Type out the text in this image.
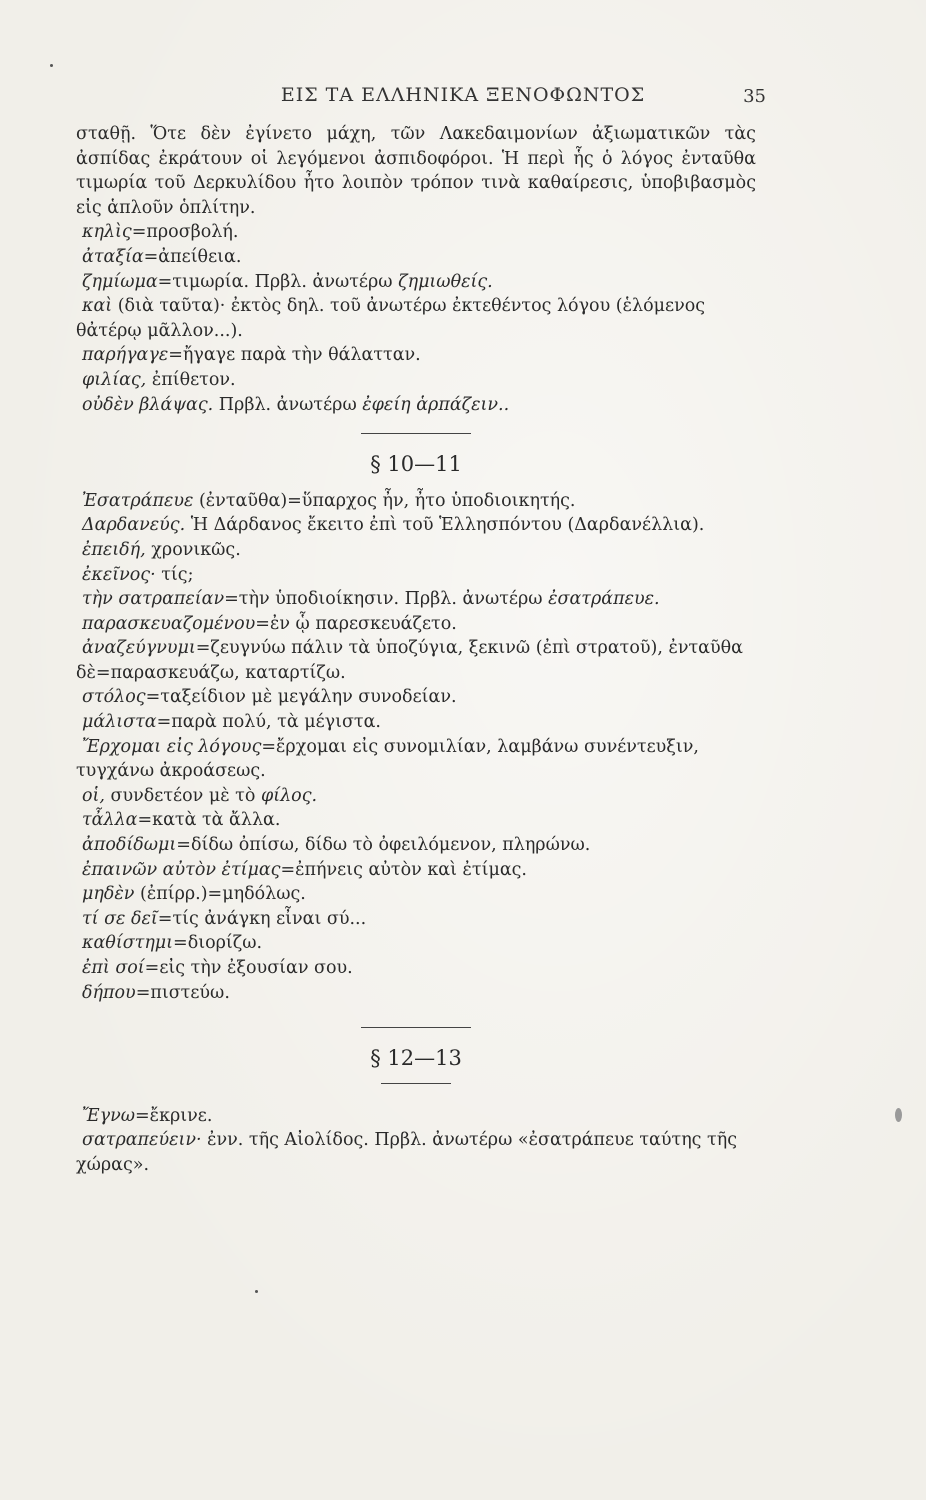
ΕΙΣ ΤΑ ΕΛΛΗΝΙΚΑ ΞΕΝΟΦΩΝΤΟΣ	35

σταθῇ. Ὅτε δὲν ἐγίνετο μάχη, τῶν Λακεδαιμονίων ἀξιωματικῶν τὰς ἀσπίδας ἐκράτουν οἱ λεγόμενοι ἀσπιδοφόροι. Ἡ περὶ ἧς ὁ λόγος ἐνταῦθα τιμωρία τοῦ Δερκυλίδου ἦτο λοιπὸν τρόπον τινὰ καθαίρεσις, ὑποβιβασμὸς εἰς ἁπλοῦν ὁπλίτην.

κηλὶς=προσβολή.

ἀταξία=ἀπείθεια.

ζημίωμα=τιμωρία. Πρβλ. ἀνωτέρω ζημιωθείς.

καὶ (διὰ ταῦτα)· ἐκτὸς δηλ. τοῦ ἀνωτέρω ἐκτεθέντος λόγου (ἑλόμενος θἀτέρῳ μᾶλλον...).

παρήγαγε=ἤγαγε παρὰ τὴν θάλατταν.

φιλίας, ἐπίθετον.

οὐδὲν βλάψας. Πρβλ. ἀνωτέρω ἐφείη ἁρπάζειν..

§ 10—11

Ἐσατράπευε (ἐνταῦθα)=ὕπαρχος ἦν, ἦτο ὑποδιοικητής.

Δαρδανεύς. Ἡ Δάρδανος ἔκειτο ἐπὶ τοῦ Ἑλλησπόντου (Δαρδανέλλια).

ἐπειδή, χρονικῶς.

ἐκεῖνος· τίς;

τὴν σατραπείαν=τὴν ὑποδιοίκησιν. Πρβλ. ἀνωτέρω ἐσατράπευε.

παρασκευαζομένου=ἐν ᾧ παρεσκευάζετο.

ἀναζεύγνυμι=ζευγνύω πάλιν τὰ ὑποζύγια, ξεκινῶ (ἐπὶ στρατοῦ), ἐνταῦθα δὲ=παρασκευάζω, καταρτίζω.

στόλος=ταξείδιον μὲ μεγάλην συνοδείαν.

μάλιστα=παρὰ πολύ, τὰ μέγιστα.

Ἔρχομαι εἰς λόγους=ἔρχομαι εἰς συνομιλίαν, λαμβάνω συνέντευξιν, τυγχάνω ἀκροάσεως.

οἱ, συνδετέον μὲ τὸ φίλος.

τἆλλα=κατὰ τὰ ἄλλα.

ἀποδίδωμι=δίδω ὀπίσω, δίδω τὸ ὀφειλόμενον, πληρώνω.

ἐπαινῶν αὐτὸν ἐτίμας=ἐπήνεις αὐτὸν καὶ ἐτίμας.

μηδὲν (ἐπίρρ.)=μηδόλως.

τί σε δεῖ=τίς ἀνάγκη εἶναι σύ...

καθίστημι=διορίζω.

ἐπὶ σοί=εἰς τὴν ἐξουσίαν σου.

δήπου=πιστεύω.

§ 12—13

Ἔγνω=ἔκρινε.

σατραπεύειν· ἐνν. τῆς Αἰολίδος. Πρβλ. ἀνωτέρω «ἐσατράπευε ταύτης τῆς χώρας».
